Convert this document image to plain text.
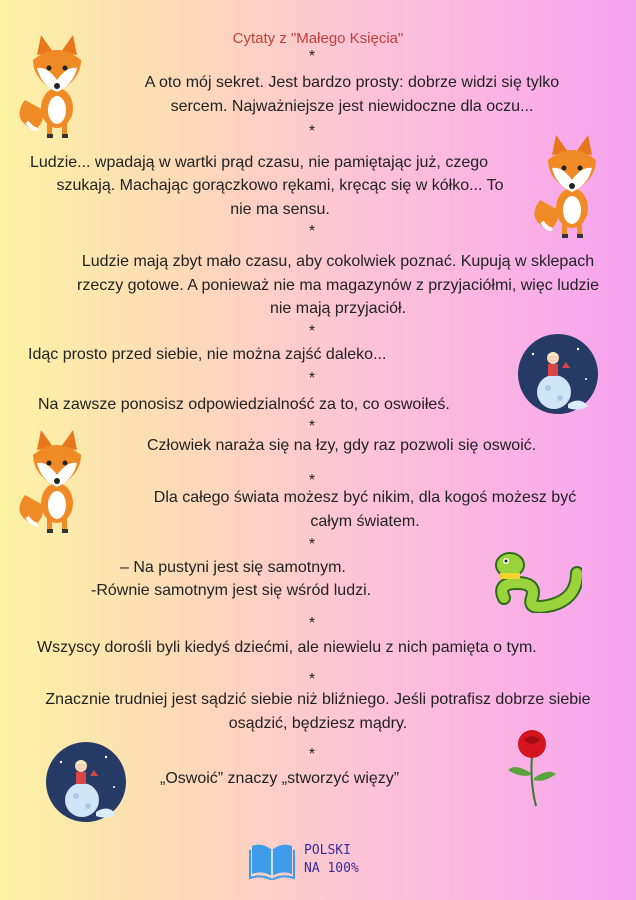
Cytaty z "Małego Księcia"
*
A oto mój sekret. Jest bardzo prosty: dobrze widzi się tylko
sercem. Najważniejsze jest niewidoczne dla oczu...
*
Ludzie... wpadają w wartki prąd czasu, nie pamiętając już, czego
szukają. Machając gorączkowo rękami, kręcąc się w kółko... To
nie ma sensu.
*
Ludzie mają zbyt mało czasu, aby cokolwiek poznać. Kupują w sklepach
rzeczy gotowe. A ponieważ nie ma magazynów z przyjaciółmi, więc ludzie
nie mają przyjaciół.
*
Idąc prosto przed siebie, nie można zajść daleko...
*
Na zawsze ponosisz odpowiedzialność za to, co oswoiłeś.
*
Człowiek naraża się na łzy, gdy raz pozwoli się oswoić.
*
Dla całego świata możesz być nikim, dla kogoś możesz być
całym światem.
*
– Na pustyni jest się samotnym.
-Równie samotnym jest się wśród ludzi.
*
Wszyscy dorośli byli kiedyś dziećmi, ale niewielu z nich pamięta o tym.
*
Znacznie trudniej jest sądzić siebie niż bliźniego. Jeśli potrafisz dobrze siebie
osądzić, będziesz mądry.
*
„Oswoić” znaczy „stworzyć więzy”
POLSKI
NA 100%
